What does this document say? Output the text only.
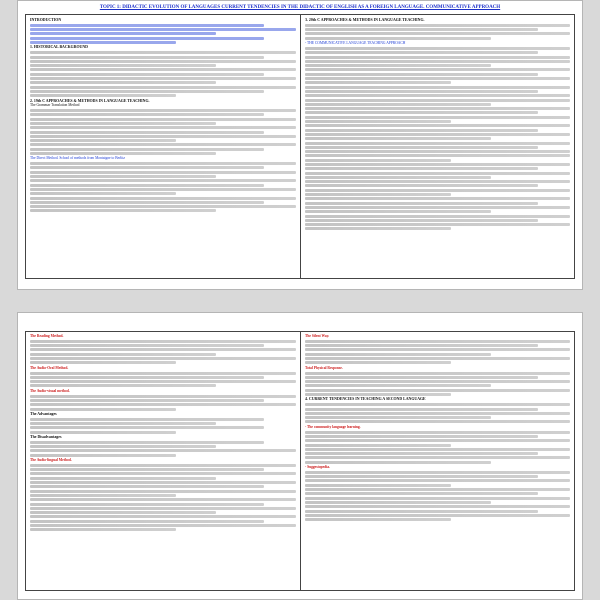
TOPIC 1: DIDACTIC EVOLUTION OF LANGUAGES CURRENT TENDENCIES IN THE DIDACTIC OF ENGLISH AS A FOREIGN LANGUAGE. COMMUNICATIVE APPROACH
INTRODUCTION
1. HISTORICAL BACKGROUND
2. 19th C APPROACHES & METHODS IN LANGUAGE TEACHING.
The Grammar Translation Method
The Direct Method. School of methods from Montaigne to Berlitz
3. 20th C APPROACHES & METHODS IN LANGUAGE TEACHING.
- THE COMMUNICATIVE LANGUAGE TEACHING APPROACH
The Reading Method.
The Audio-Oral Method.
The Audio-visual method.
The Advantages
The Disadvantages
The Audio-lingual Method.
The Silent Way.
Total Physical Response.
4. CURRENT TENDENCIES IN TEACHING A SECOND LANGUAGE
- The community language learning.
- Suggestopedia.
